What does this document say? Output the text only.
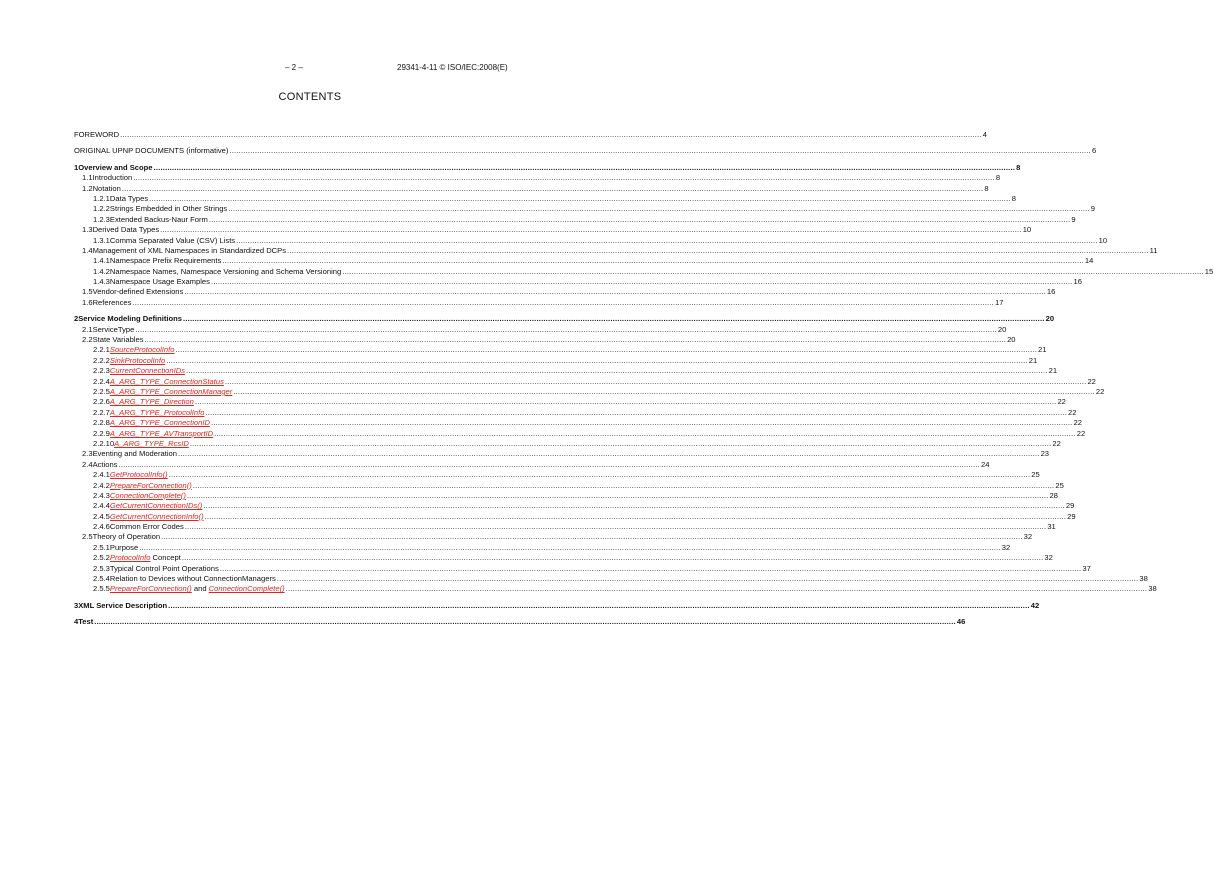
– 2 –	29341-4-11 © ISO/IEC:2008(E)
CONTENTS
FOREWORD .....	4
ORIGINAL UPNP DOCUMENTS (informative) .....	6
1 Overview and Scope .....	8
1.1 Introduction .....	8
1.2 Notation .....	8
1.2.1 Data Types .....	8
1.2.2 Strings Embedded in Other Strings .....	9
1.2.3 Extended Backus-Naur Form .....	9
1.3 Derived Data Types .....	10
1.3.1 Comma Separated Value (CSV) Lists .....	10
1.4 Management of XML Namespaces in Standardized DCPs .....	11
1.4.1 Namespace Prefix Requirements .....	14
1.4.2 Namespace Names, Namespace Versioning and Schema Versioning .....	15
1.4.3 Namespace Usage Examples .....	16
1.5 Vendor-defined Extensions .....	16
1.6 References .....	17
2 Service Modeling Definitions .....	20
2.1 ServiceType .....	20
2.2 State Variables .....	20
2.2.1 SourceProtocolInfo .....	21
2.2.2 SinkProtocolInfo .....	21
2.2.3 CurrentConnectionIDs .....	21
2.2.4 A_ARG_TYPE_ConnectionStatus .....	22
2.2.5 A_ARG_TYPE_ConnectionManager .....	22
2.2.6 A_ARG_TYPE_Direction .....	22
2.2.7 A_ARG_TYPE_ProtocolInfo .....	22
2.2.8 A_ARG_TYPE_ConnectionID .....	22
2.2.9 A_ARG_TYPE_AVTransportID .....	22
2.2.10 A_ARG_TYPE_RcsID .....	22
2.3 Eventing and Moderation .....	23
2.4 Actions .....	24
2.4.1 GetProtocolInfo() .....	25
2.4.2 PrepareForConnection() .....	25
2.4.3 ConnectionComplete() .....	28
2.4.4 GetCurrentConnectionIDs() .....	29
2.4.5 GetCurrentConnectionInfo() .....	29
2.4.6 Common Error Codes .....	31
2.5 Theory of Operation .....	32
2.5.1 Purpose .....	32
2.5.2 ProtocolInfo Concept .....	32
2.5.3 Typical Control Point Operations .....	37
2.5.4 Relation to Devices without ConnectionManagers .....	38
2.5.5 PrepareForConnection() and ConnectionComplete() .....	38
3 XML Service Description .....	42
4 Test .....	46
